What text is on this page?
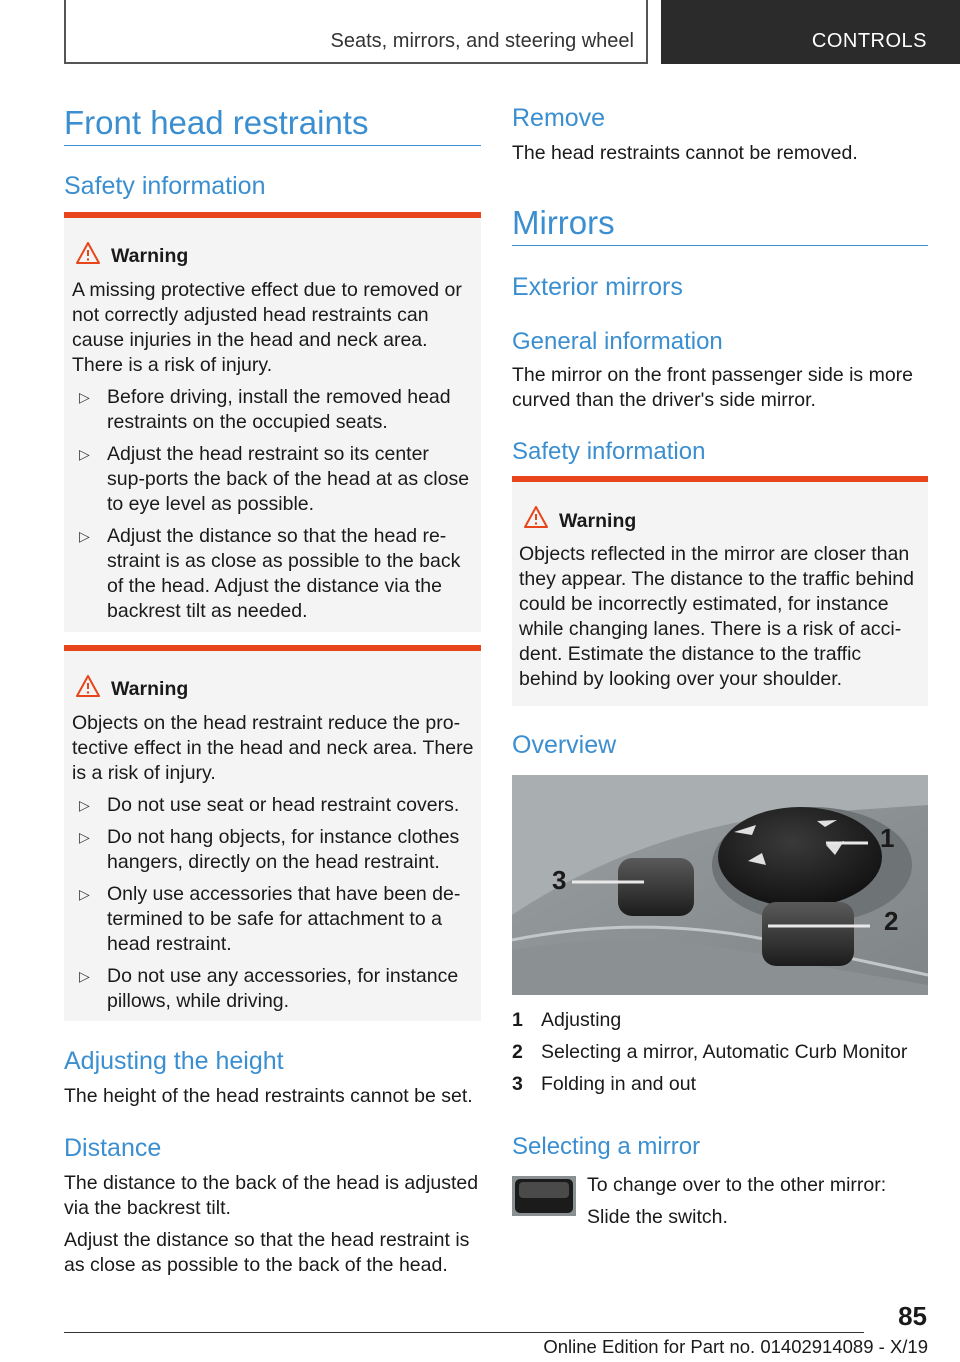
Seats, mirrors, and steering wheel	CONTROLS
Front head restraints
Safety information
Warning

A missing protective effect due to removed or not correctly adjusted head restraints can cause injuries in the head and neck area. There is a risk of injury.

▷ Before driving, install the removed head restraints on the occupied seats.
▷ Adjust the head restraint so its center sup-ports the back of the head at as close to eye level as possible.
▷ Adjust the distance so that the head re-straint is as close as possible to the back of the head. Adjust the distance via the backrest tilt as needed.
Warning

Objects on the head restraint reduce the pro-tective effect in the head and neck area. There is a risk of injury.

▷ Do not use seat or head restraint covers.
▷ Do not hang objects, for instance clothes hangers, directly on the head restraint.
▷ Only use accessories that have been de-termined to be safe for attachment to a head restraint.
▷ Do not use any accessories, for instance pillows, while driving.
Adjusting the height

The height of the head restraints cannot be set.

Distance

The distance to the back of the head is adjusted via the backrest tilt.

Adjust the distance so that the head restraint is as close as possible to the back of the head.

Remove

The head restraints cannot be removed.

Mirrors
Exterior mirrors
General information

The mirror on the front passenger side is more curved than the driver's side mirror.

Safety information
Warning

Objects reflected in the mirror are closer than they appear. The distance to the traffic behind could be incorrectly estimated, for instance while changing lanes. There is a risk of acci-dent. Estimate the distance to the traffic behind by looking over your shoulder.

Overview
3
2
1
1 Adjusting
2 Selecting a mirror, Automatic Curb Monitor
3 Folding in and out
Selecting a mirror

To change over to the other mirror:

Slide the switch.

85
Online Edition for Part no. 01402914089 - X/19
